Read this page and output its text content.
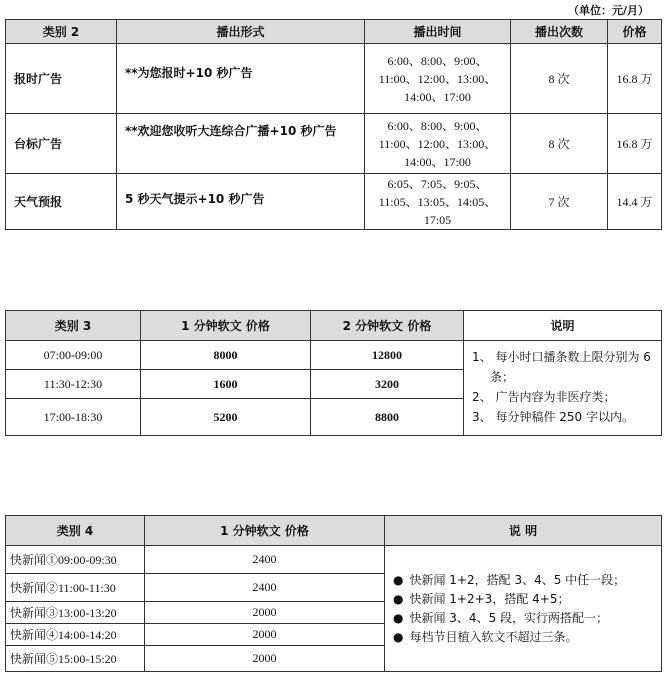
（单位：元/月）
类别 2	播出形式	播出时间	播出次数	价格
报时广告	**为您报时+10 秒广告	6:00、8:00、9:00、
11:00、12:00、13:00、
14:00、17:00	8 次	16.8 万
台标广告	**欢迎您收听大连综合广播+10 秒广告	6:00、8:00、9:00、
11:00、12:00、13:00、
14:00、17:00	8 次	16.8 万
天气预报	5 秒天气提示+10 秒广告	6:05、7:05、9:05、
11:05、13:05、14:05、
17:05	7 次	14.4 万
类别 3	1 分钟软文 价格	2 分钟软文 价格	说明
07:00-09:00	8000	12800	1、 每小时口播条数上限分别为 6
条；
2、 广告内容为非医疗类；
3、 每分钟稿件 250 字以内。

11:30-12:30	1600	3200	
17:00-18:30	5200	8800	
类别 4	1 分钟软文 价格	说 明
快新闻①09:00-09:30	2400	● 快新闻 1+2，搭配 3、4、5 中任一段；
● 快新闻 1+2+3，搭配 4+5；
● 快新闻 3、4、5 段，实行两搭配一；
● 每档节目植入软文不超过三条。

快新闻②11:00-11:30	2400	
快新闻③13:00-13:20	2000	
快新闻④14:00-14:20	2000	
快新闻⑤15:00-15:20	2000	
